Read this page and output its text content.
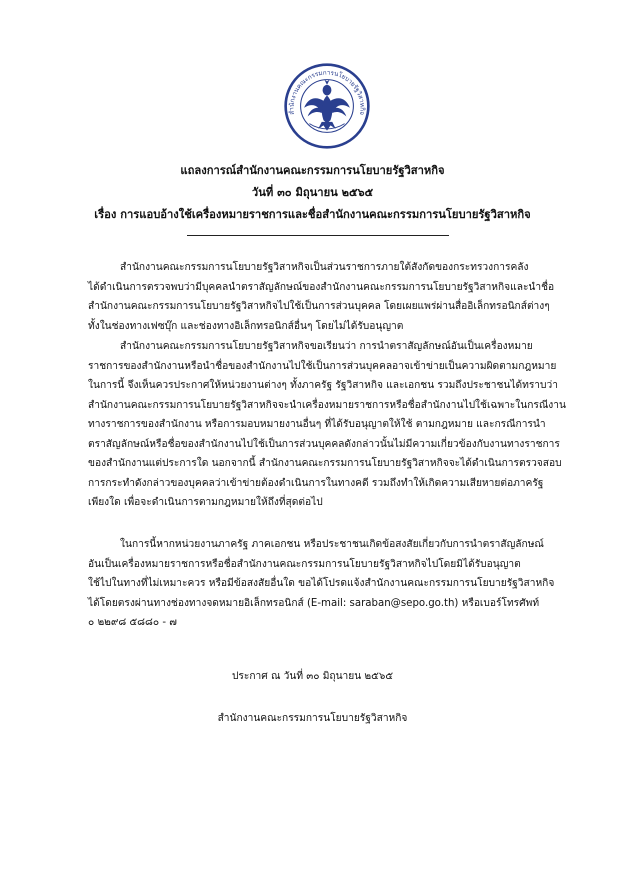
สำนักงานคณะกรรมการนโยบายรัฐวิสาหกิจ
แถลงการณ์สำนักงานคณะกรรมการนโยบายรัฐวิสาหกิจ
วันที่ ๓๐ มิถุนายน ๒๕๖๕
เรื่อง การแอบอ้างใช้เครื่องหมายราชการและชื่อสำนักงานคณะกรรมการนโยบายรัฐวิสาหกิจ
สำนักงานคณะกรรมการนโยบายรัฐวิสาหกิจเป็นส่วนราชการภายใต้สังกัดของกระทรวงการคลัง
ได้ดำเนินการตรวจพบว่ามีบุคคลนำตราสัญลักษณ์ของสำนักงานคณะกรรมการนโยบายรัฐวิสาหกิจและนำชื่อ
สำนักงานคณะกรรมการนโยบายรัฐวิสาหกิจไปใช้เป็นการส่วนบุคคล โดยเผยแพร่ผ่านสื่ออิเล็กทรอนิกส์ต่างๆ
ทั้งในช่องทางเฟซบุ๊ก และช่องทางอิเล็กทรอนิกส์อื่นๆ โดยไม่ได้รับอนุญาต
สำนักงานคณะกรรมการนโยบายรัฐวิสาหกิจขอเรียนว่า การนำตราสัญลักษณ์อันเป็นเครื่องหมาย
ราชการของสำนักงานหรือนำชื่อของสำนักงานไปใช้เป็นการส่วนบุคคลอาจเข้าข่ายเป็นความผิดตามกฎหมาย
ในการนี้ จึงเห็นควรประกาศให้หน่วยงานต่างๆ ทั้งภาครัฐ รัฐวิสาหกิจ และเอกชน รวมถึงประชาชนได้ทราบว่า
สำนักงานคณะกรรมการนโยบายรัฐวิสาหกิจจะนำเครื่องหมายราชการหรือชื่อสำนักงานไปใช้เฉพาะในกรณีงาน
ทางราชการของสำนักงาน หรือการมอบหมายงานอื่นๆ ที่ได้รับอนุญาตให้ใช้ ตามกฎหมาย และกรณีการนำ
ตราสัญลักษณ์หรือชื่อของสำนักงานไปใช้เป็นการส่วนบุคคลดังกล่าวนั้นไม่มีความเกี่ยวข้องกับงานทางราชการ
ของสำนักงานแต่ประการใด นอกจากนี้ สำนักงานคณะกรรมการนโยบายรัฐวิสาหกิจจะได้ดำเนินการตรวจสอบ
การกระทำดังกล่าวของบุคคลว่าเข้าข่ายต้องดำเนินการในทางคดี รวมถึงทำให้เกิดความเสียหายต่อภาครัฐ
เพียงใด เพื่อจะดำเนินการตามกฎหมายให้ถึงที่สุดต่อไป
ในการนี้หากหน่วยงานภาครัฐ ภาคเอกชน หรือประชาชนเกิดข้อสงสัยเกี่ยวกับการนำตราสัญลักษณ์
อันเป็นเครื่องหมายราชการหรือชื่อสำนักงานคณะกรรมการนโยบายรัฐวิสาหกิจไปโดยมิได้รับอนุญาต
ใช้ไปในทางที่ไม่เหมาะควร หรือมีข้อสงสัยอื่นใด ขอได้โปรดแจ้งสำนักงานคณะกรรมการนโยบายรัฐวิสาหกิจ
ได้โดยตรงผ่านทางช่องทางจดหมายอิเล็กทรอนิกส์ (E-mail: saraban@sepo.go.th) หรือเบอร์โทรศัพท์
๐ ๒๒๙๘ ๕๘๘๐ - ๗
ประกาศ ณ วันที่ ๓๐ มิถุนายน ๒๕๖๕
สำนักงานคณะกรรมการนโยบายรัฐวิสาหกิจ
